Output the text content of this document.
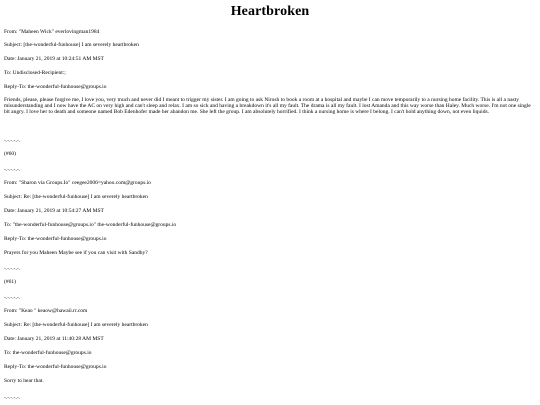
Heartbroken
From: "Maheen Wick" everlovingman1984
Subject: [the-wonderful-funhouse] I am severely heartbroken
Date: January 21, 2019 at 10:24:51 AM MST
To: Undisclosed-Recipient:;
Reply-To: the-wonderful-funhouse@groups.io
Friends, please, please forgive me, I love you, very much and never did I meant to trigger my sister. I am going to ask Nirosh to book a room at a hospital and maybe I can move temporarily to a nursing home facility. This is all a nasty misunderstanding and I now have the AC on very high and can't sleep and relax. I am so sick and having a breakdown it's all my fault. The drama is all my fault. I lost Amanda and this way worse than Haley. Much worse. I'm not one single bit angry. I love her to death and someone named Bob Edenhofer made her abandon me. She left the group. I am absolutely horrified. I think a nursing home is where I belong. I can't hold anything down, not even liquids.
-.-.-.-.-.
(#60)
-.-.-.-.-.
From: "Sharon via Groups.Io" ceegee2006=yahoo.com@groups.io
Subject: Re: [the-wonderful-funhouse] I am severely heartbroken
Date: January 21, 2019 at 10:54:27 AM MST
To: "the-wonderful-funhouse@groups.io" the-wonderful-funhouse@groups.io
Reply-To: the-wonderful-funhouse@groups.io
Prayers for you Maheen Maybe see if you can visit with Sandhy?
-.-.-.-.-.
(#61)
-.-.-.-.-.
From: "Keao " keaow@hawaii.rr.com
Subject: Re: [the-wonderful-funhouse] I am severely heartbroken
Date: January 21, 2019 at 11:40:28 AM MST
To: the-wonderful-funhouse@groups.io
Reply-To: the-wonderful-funhouse@groups.io
Sorry to hear that.
-.-.-.-.-.
